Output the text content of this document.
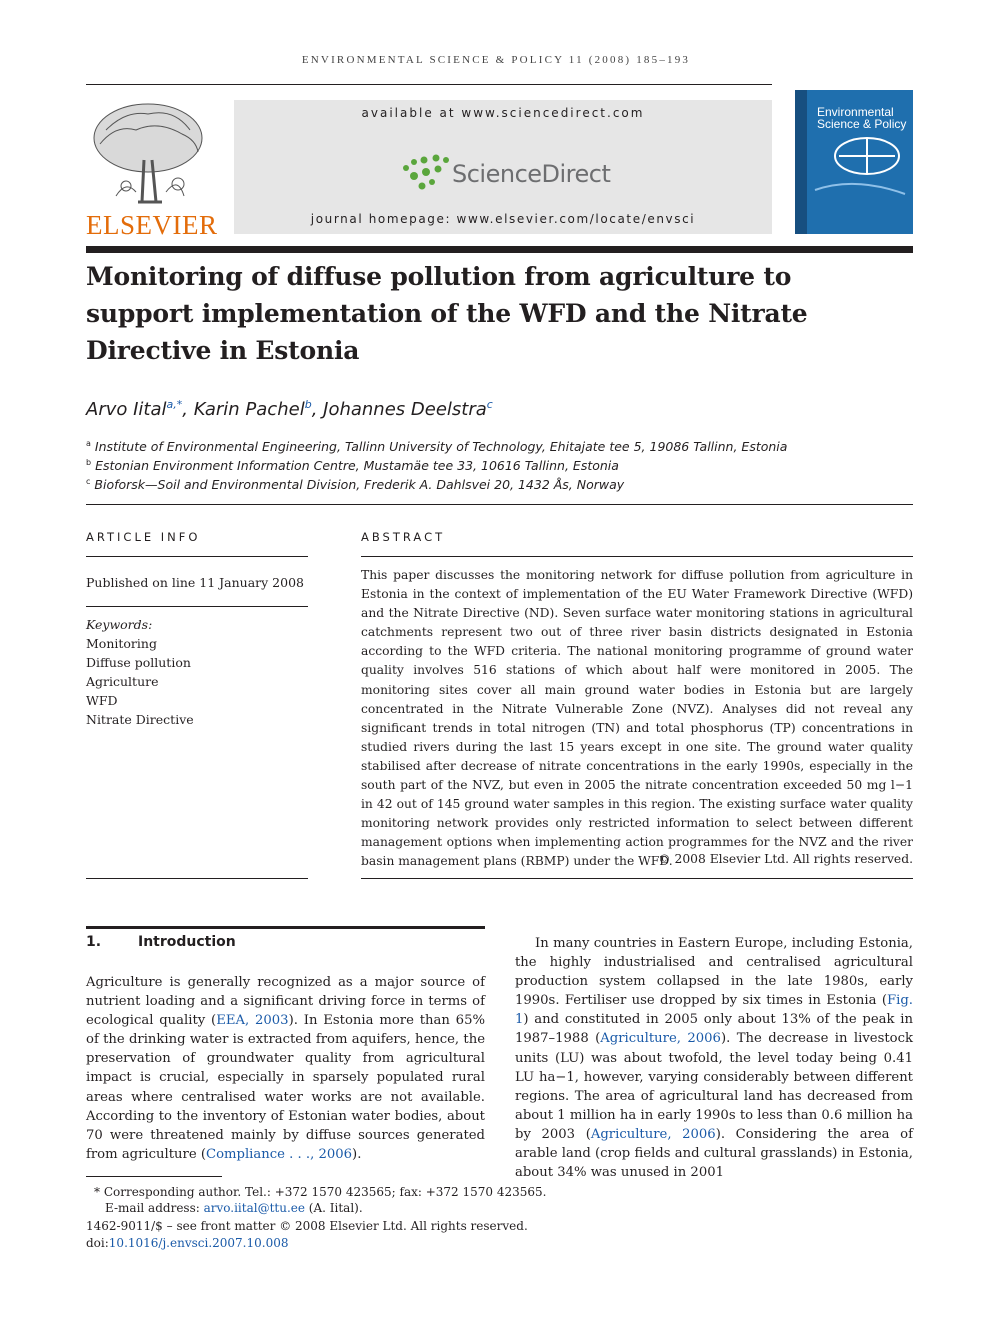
ENVIRONMENTAL SCIENCE & POLICY 11 (2008) 185–193
ELSEVIER
available at www.sciencedirect.com
ScienceDirect
journal homepage: www.elsevier.com/locate/envsci
Environmental Science & Policy
Monitoring of diffuse pollution from agriculture to support implementation of the WFD and the Nitrate Directive in Estonia
Arvo Iital$^{a,*}$, Karin Pachel$^b$, Johannes Deelstra$^c$
$^a$ Institute of Environmental Engineering, Tallinn University of Technology, Ehitajate tee 5, 19086 Tallinn, Estonia
$^b$ Estonian Environment Information Centre, Mustamäe tee 33, 10616 Tallinn, Estonia
$^c$ Bioforsk—Soil and Environmental Division, Frederik A. Dahlsvei 20, 1432 Ås, Norway
ARTICLE INFO
Published on line 11 January 2008
Keywords:
Monitoring
Diffuse pollution
Agriculture
WFD
Nitrate Directive
ABSTRACT
This paper discusses the monitoring network for diffuse pollution from agriculture in Estonia in the context of implementation of the EU Water Framework Directive (WFD) and the Nitrate Directive (ND). Seven surface water monitoring stations in agricultural catchments represent two out of three river basin districts designated in Estonia according to the WFD criteria. The national monitoring programme of ground water quality involves 516 stations of which about half were monitored in 2005. The monitoring sites cover all main ground water bodies in Estonia but are largely concentrated in the Nitrate Vulnerable Zone (NVZ). Analyses did not reveal any significant trends in total nitrogen (TN) and total phosphorus (TP) concentrations in studied rivers during the last 15 years except in one site. The ground water quality stabilised after decrease of nitrate concentrations in the early 1990s, especially in the south part of the NVZ, but even in 2005 the nitrate concentration exceeded 50 mg l−1 in 42 out of 145 ground water samples in this region. The existing surface water quality monitoring network provides only restricted information to select between different management options when implementing action programmes for the NVZ and the river basin management plans (RBMP) under the WFD.
© 2008 Elsevier Ltd. All rights reserved.
1.	Introduction
Agriculture is generally recognized as a major source of nutrient loading and a significant driving force in terms of ecological quality (EEA, 2003). In Estonia more than 65% of the drinking water is extracted from aquifers, hence, the preservation of groundwater quality from agricultural impact is crucial, especially in sparsely populated rural areas where centralised water works are not available. According to the inventory of Estonian water bodies, about 70 were threatened mainly by diffuse sources generated from agriculture (Compliance . . ., 2006).
In many countries in Eastern Europe, including Estonia, the highly industrialised and centralised agricultural production system collapsed in the late 1980s, early 1990s. Fertiliser use dropped by six times in Estonia (Fig. 1) and constituted in 2005 only about 13% of the peak in 1987–1988 (Agriculture, 2006). The decrease in livestock units (LU) was about twofold, the level today being 0.41 LU ha−1, however, varying considerably between different regions. The area of agricultural land has decreased from about 1 million ha in early 1990s to less than 0.6 million ha by 2003 (Agriculture, 2006). Considering the area of arable land (crop fields and cultural grasslands) in Estonia, about 34% was unused in 2001
* Corresponding author. Tel.: +372 1570 423565; fax: +372 1570 423565.
E-mail address: arvo.iital@ttu.ee (A. Iital).
1462-9011/$ – see front matter © 2008 Elsevier Ltd. All rights reserved.
doi:10.1016/j.envsci.2007.10.008
